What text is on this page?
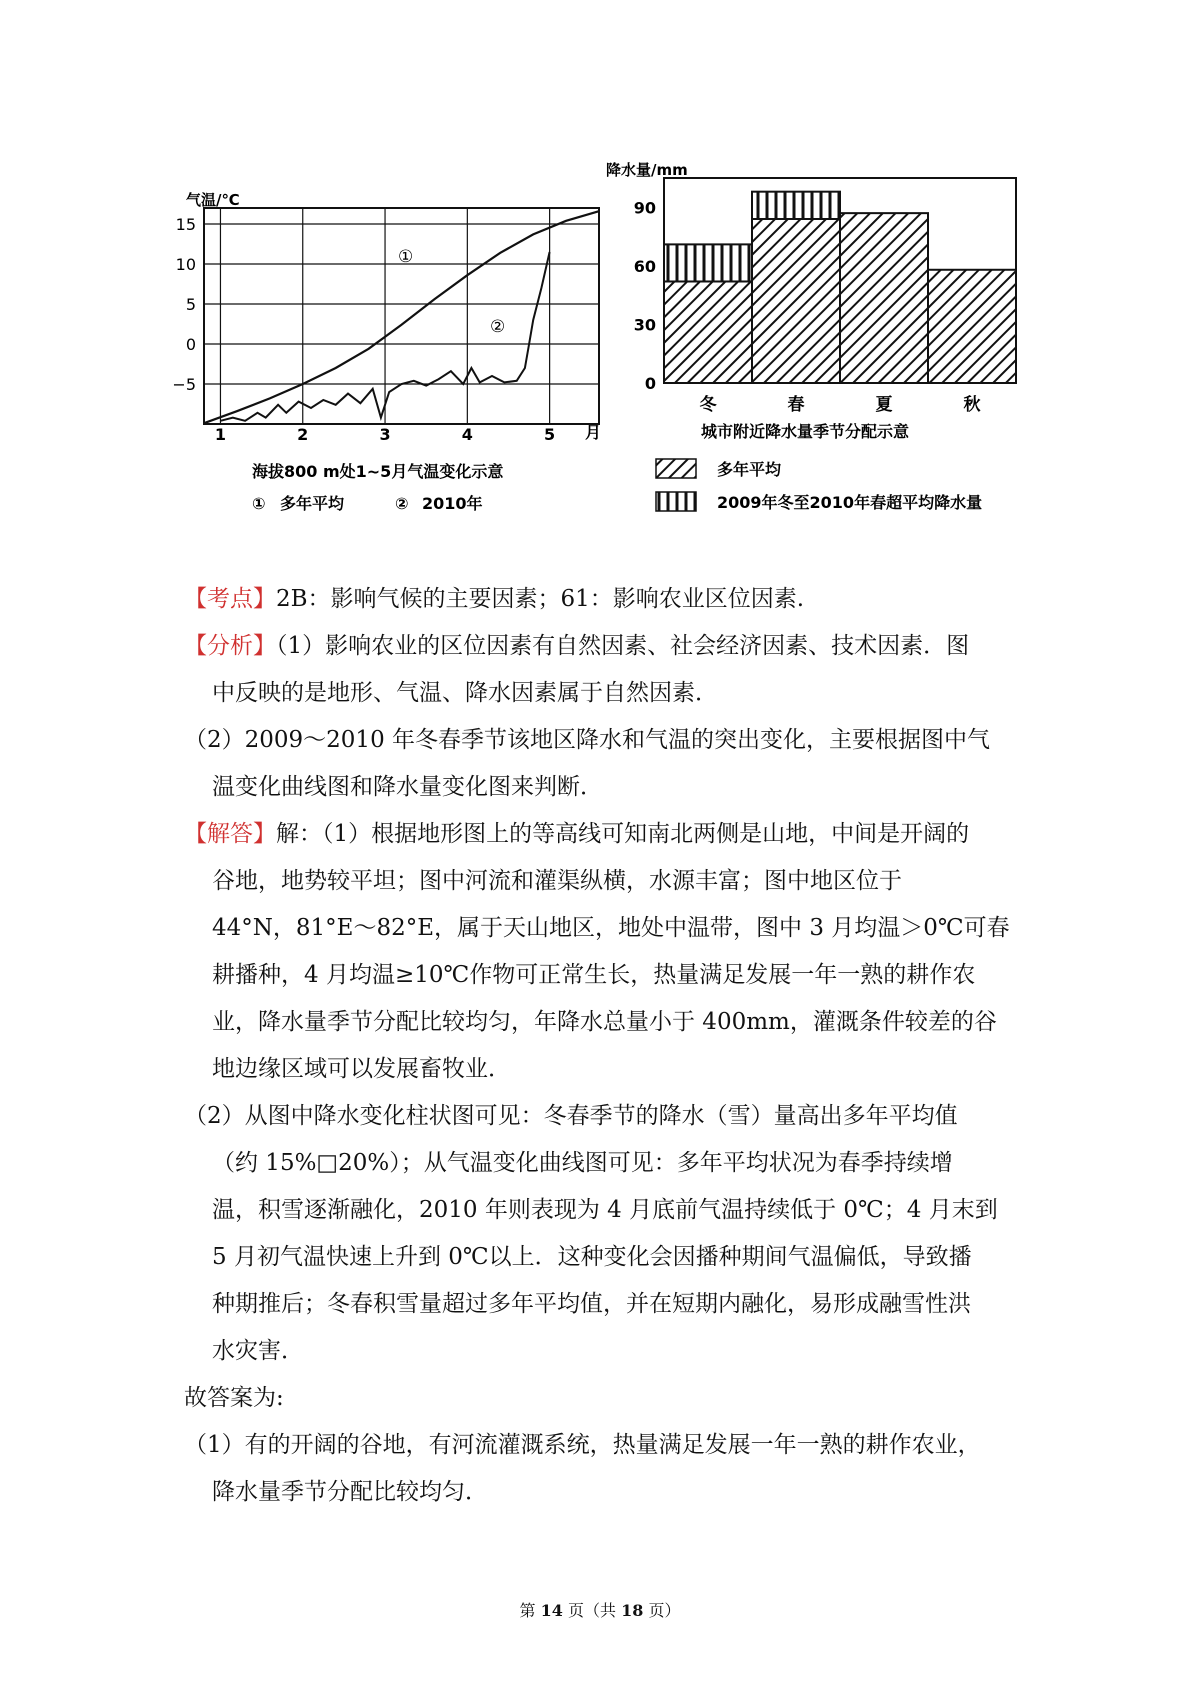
气温/℃
15
10
5
0
−5
1	2	3	4	5 月
①
②
海拔800 m处1~5月气温变化示意
① 多年平均	② 2010年
降水量/mm
90
60
30
0
冬	春	夏	秋
城市附近降水量季节分配示意
多年平均
2009年冬至2010年春超平均降水量
【考点】2B：影响气候的主要因素；61：影响农业区位因素.
【分析】（1）影响农业的区位因素有自然因素、社会经济因素、技术因素．图
中反映的是地形、气温、降水因素属于自然因素．
（2）2009～2010 年冬春季节该地区降水和气温的突出变化，主要根据图中气
温变化曲线图和降水量变化图来判断．
【解答】解：（1）根据地形图上的等高线可知南北两侧是山地，中间是开阔的
谷地，地势较平坦；图中河流和灌渠纵横，水源丰富；图中地区位于
44°N，81°E～82°E，属于天山地区，地处中温带，图中 3 月均温＞0℃可春
耕播种，4 月均温≥10℃作物可正常生长，热量满足发展一年一熟的耕作农
业，降水量季节分配比较均匀，年降水总量小于 400mm，灌溉条件较差的谷
地边缘区域可以发展畜牧业．
（2）从图中降水变化柱状图可见：冬春季节的降水（雪）量高出多年平均值
（约 15%□20%）；从气温变化曲线图可见：多年平均状况为春季持续增
温，积雪逐渐融化，2010 年则表现为 4 月底前气温持续低于 0℃；4 月末到
5 月初气温快速上升到 0℃以上．这种变化会因播种期间气温偏低，导致播
种期推后；冬春积雪量超过多年平均值，并在短期内融化，易形成融雪性洪
水灾害．
故答案为:
（1）有的开阔的谷地，有河流灌溉系统，热量满足发展一年一熟的耕作农业，
降水量季节分配比较均匀．
第 14 页（共 18 页）
